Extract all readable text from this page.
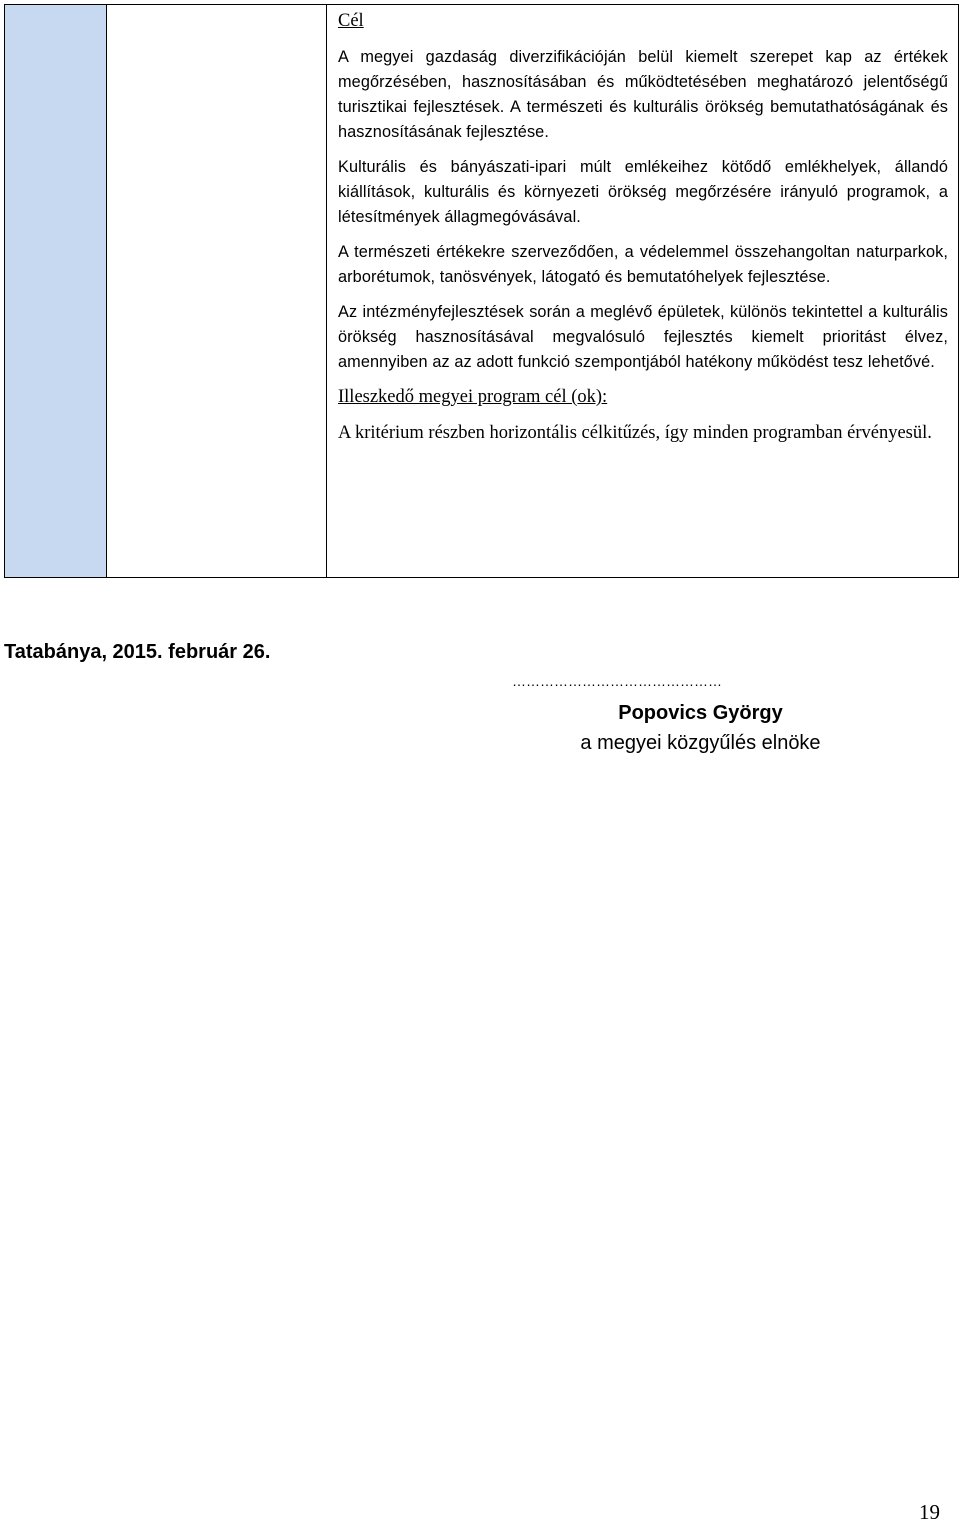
Cél

A megyei gazdaság diverzifikációján belül kiemelt szerepet kap az értékek megőrzésében, hasznosításában és működtetésében meghatározó jelentőségű turisztikai fejlesztések. A természeti és kulturális örökség bemutathatóságának és hasznosításának fejlesztése.

Kulturális és bányászati-ipari múlt emlékeihez kötődő emlékhelyek, állandó kiállítások, kulturális és környezeti örökség megőrzésére irányuló programok, a létesítmények állagmegóvásával.

A természeti értékekre szerveződően, a védelemmel összehangoltan naturparkok, arborétumok, tanösvények, látogató és bemutatóhelyek fejlesztése.

Az intézményfejlesztések során a meglévő épületek, különös tekintettel a kulturális örökség hasznosításával megvalósuló fejlesztés kiemelt prioritást élvez, amennyiben az az adott funkció szempontjából hatékony működést tesz lehetővé.

Illeszkedő megyei program cél (ok):

A kritérium részben horizontális célkitűzés, így minden programban érvényesül.

Tatabánya, 2015. február 26.

………………………………………
Popovics György
a megyei közgyűlés elnöke
19
